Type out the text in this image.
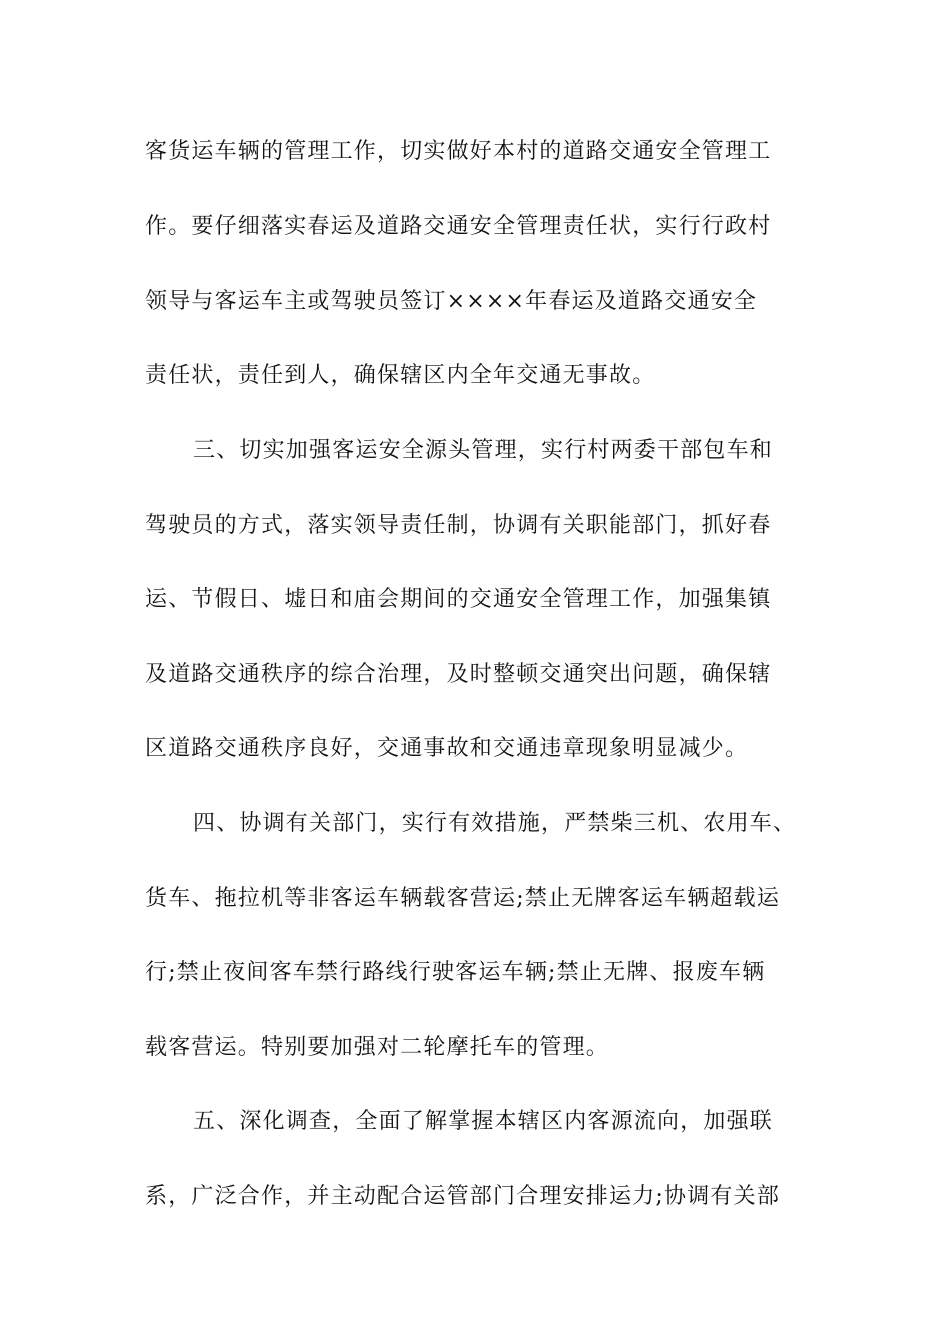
客货运车辆的管理工作，切实做好本村的道路交通安全管理工
作。要仔细落实春运及道路交通安全管理责任状，实行行政村
领导与客运车主或驾驶员签订××××年春运及道路交通安全
责任状，责任到人，确保辖区内全年交通无事故。
三、切实加强客运安全源头管理，实行村两委干部包车和
驾驶员的方式，落实领导责任制，协调有关职能部门，抓好春
运、节假日、墟日和庙会期间的交通安全管理工作，加强集镇
及道路交通秩序的综合治理，及时整顿交通突出问题，确保辖
区道路交通秩序良好，交通事故和交通违章现象明显减少。
四、协调有关部门，实行有效措施，严禁柴三机、农用车、
货车、拖拉机等非客运车辆载客营运;禁止无牌客运车辆超载运
行;禁止夜间客车禁行路线行驶客运车辆;禁止无牌、报废车辆
载客营运。特别要加强对二轮摩托车的管理。
五、深化调查，全面了解掌握本辖区内客源流向，加强联
系，广泛合作，并主动配合运管部门合理安排运力;协调有关部
